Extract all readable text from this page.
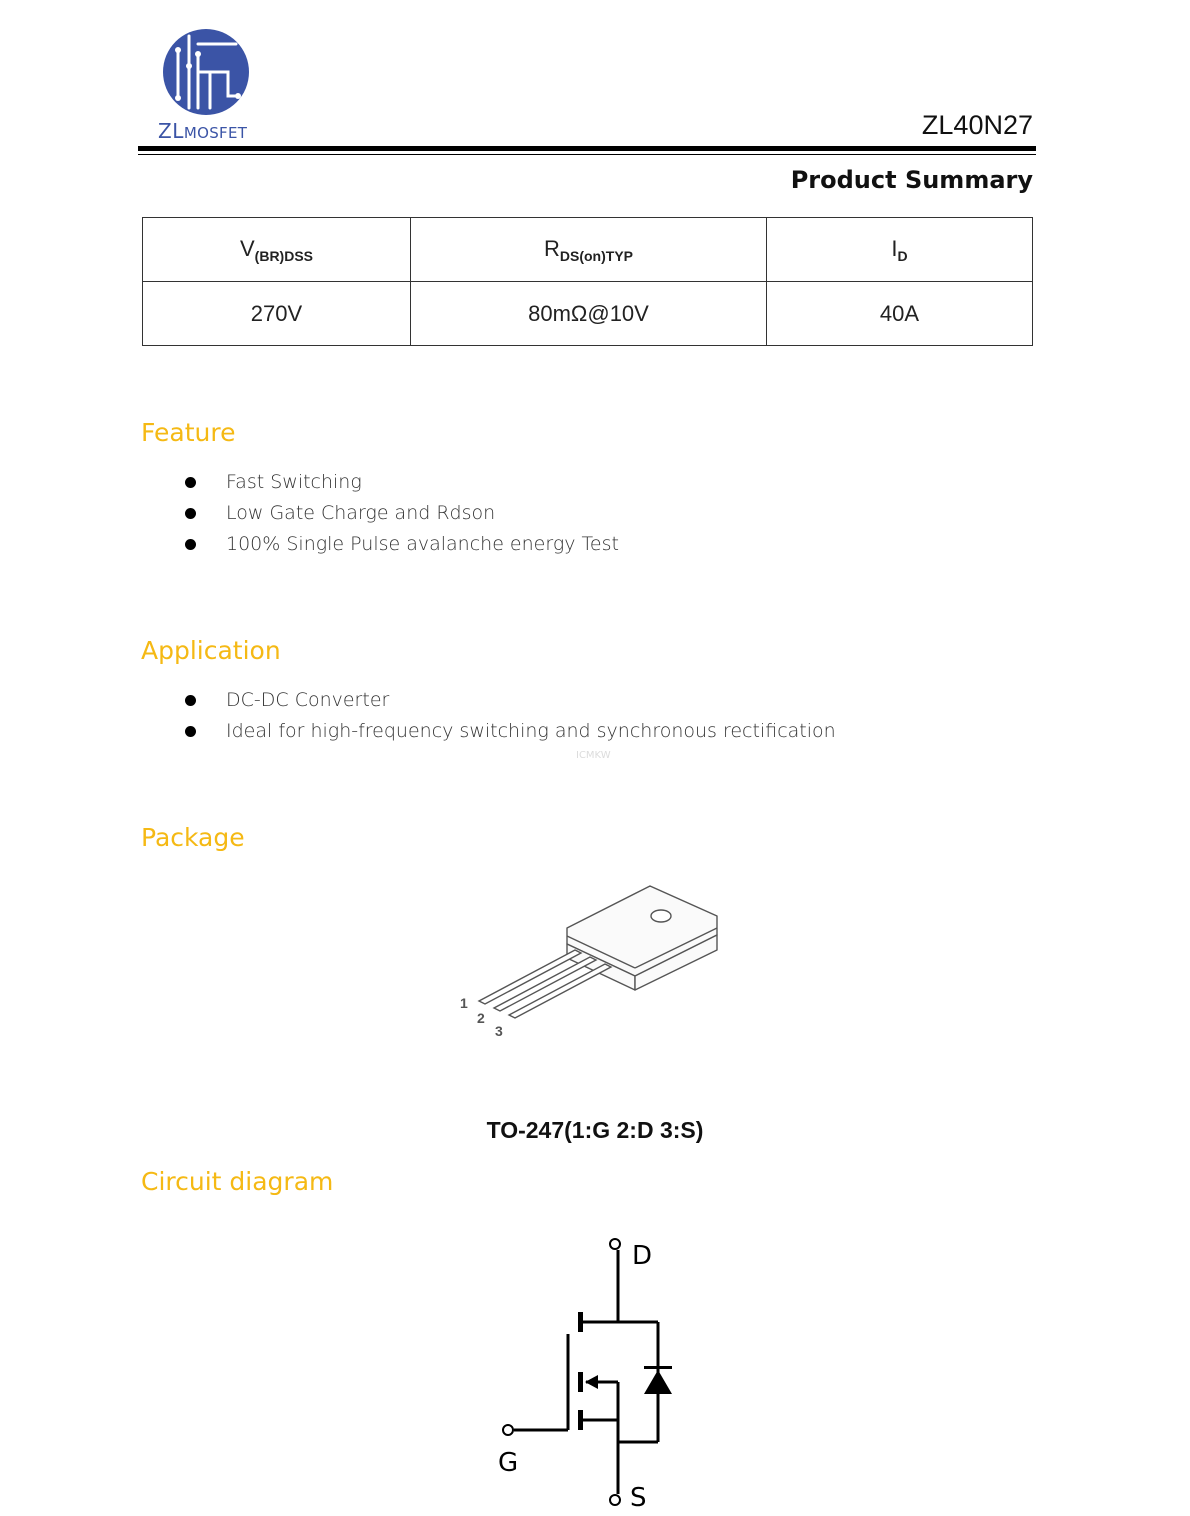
ZLMOSFET	ZL40N27
Product Summary
$V_{(BR)DSS}$	$R_{DS(on)TYP}$	$I_D$
270V	80mΩ@10V	40A
Feature
Fast Switching
Low Gate Charge and Rdson
100% Single Pulse avalanche energy Test
Application
DC-DC Converter
Ideal for high-frequency switching and synchronous rectification
ICMKW
Package
1
2
3
TO-247(1:G 2:D 3:S)
Circuit diagram
D
G
S
